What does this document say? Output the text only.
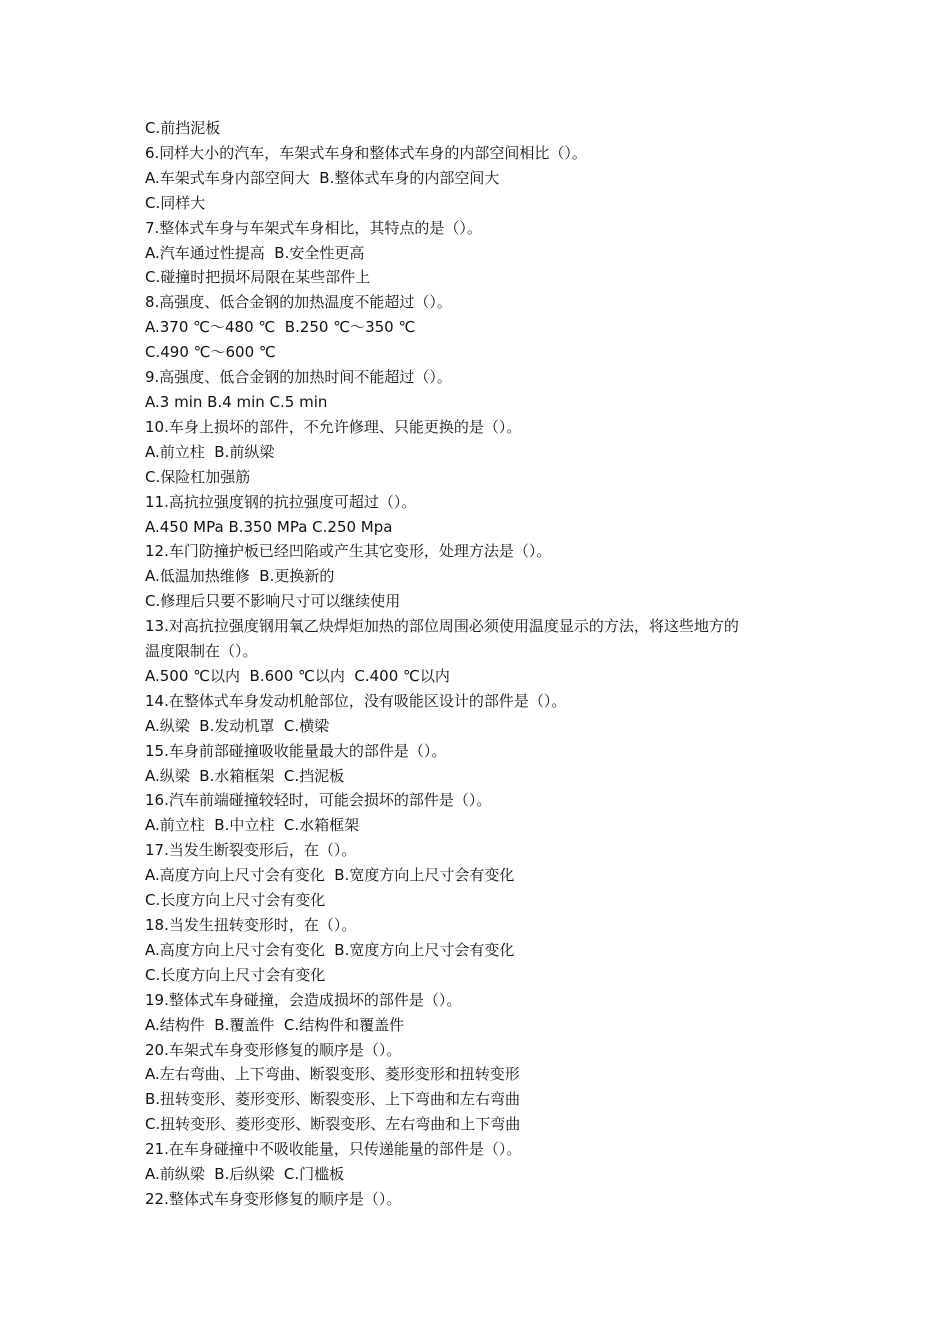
C.前挡泥板

6.同样大小的汽车，车架式车身和整体式车身的内部空间相比（）。

A.车架式车身内部空间大  B.整体式车身的内部空间大

C.同样大

7.整体式车身与车架式车身相比，其特点的是（）。

A.汽车通过性提高  B.安全性更高

C.碰撞时把损坏局限在某些部件上

8.高强度、低合金钢的加热温度不能超过（）。

A.370 ℃～480 ℃  B.250 ℃～350 ℃

C.490 ℃～600 ℃

9.高强度、低合金钢的加热时间不能超过（）。

A.3 min B.4 min C.5 min

10.车身上损坏的部件，不允许修理、只能更换的是（）。

A.前立柱  B.前纵梁

C.保险杠加强筋

11.高抗拉强度钢的抗拉强度可超过（）。

A.450 MPa B.350 MPa C.250 Mpa

12.车门防撞护板已经凹陷或产生其它变形，处理方法是（）。

A.低温加热维修  B.更换新的

C.修理后只要不影响尺寸可以继续使用

13.对高抗拉强度钢用氧乙炔焊炬加热的部位周围必须使用温度显示的方法，将这些地方的

温度限制在（）。

A.500 ℃以内  B.600 ℃以内  C.400 ℃以内

14.在整体式车身发动机舱部位，没有吸能区设计的部件是（）。

A.纵梁  B.发动机罩  C.横梁

15.车身前部碰撞吸收能量最大的部件是（）。

A.纵梁  B.水箱框架  C.挡泥板

16.汽车前端碰撞较轻时，可能会损坏的部件是（）。

A.前立柱  B.中立柱  C.水箱框架

17.当发生断裂变形后，在（）。

A.高度方向上尺寸会有变化  B.宽度方向上尺寸会有变化

C.长度方向上尺寸会有变化

18.当发生扭转变形时，在（）。

A.高度方向上尺寸会有变化  B.宽度方向上尺寸会有变化

C.长度方向上尺寸会有变化

19.整体式车身碰撞，会造成损坏的部件是（）。

A.结构件  B.覆盖件  C.结构件和覆盖件

20.车架式车身变形修复的顺序是（）。

A.左右弯曲、上下弯曲、断裂变形、菱形变形和扭转变形

B.扭转变形、菱形变形、断裂变形、上下弯曲和左右弯曲

C.扭转变形、菱形变形、断裂变形、左右弯曲和上下弯曲

21.在车身碰撞中不吸收能量，只传递能量的部件是（）。

A.前纵梁  B.后纵梁  C.门槛板

22.整体式车身变形修复的顺序是（）。
